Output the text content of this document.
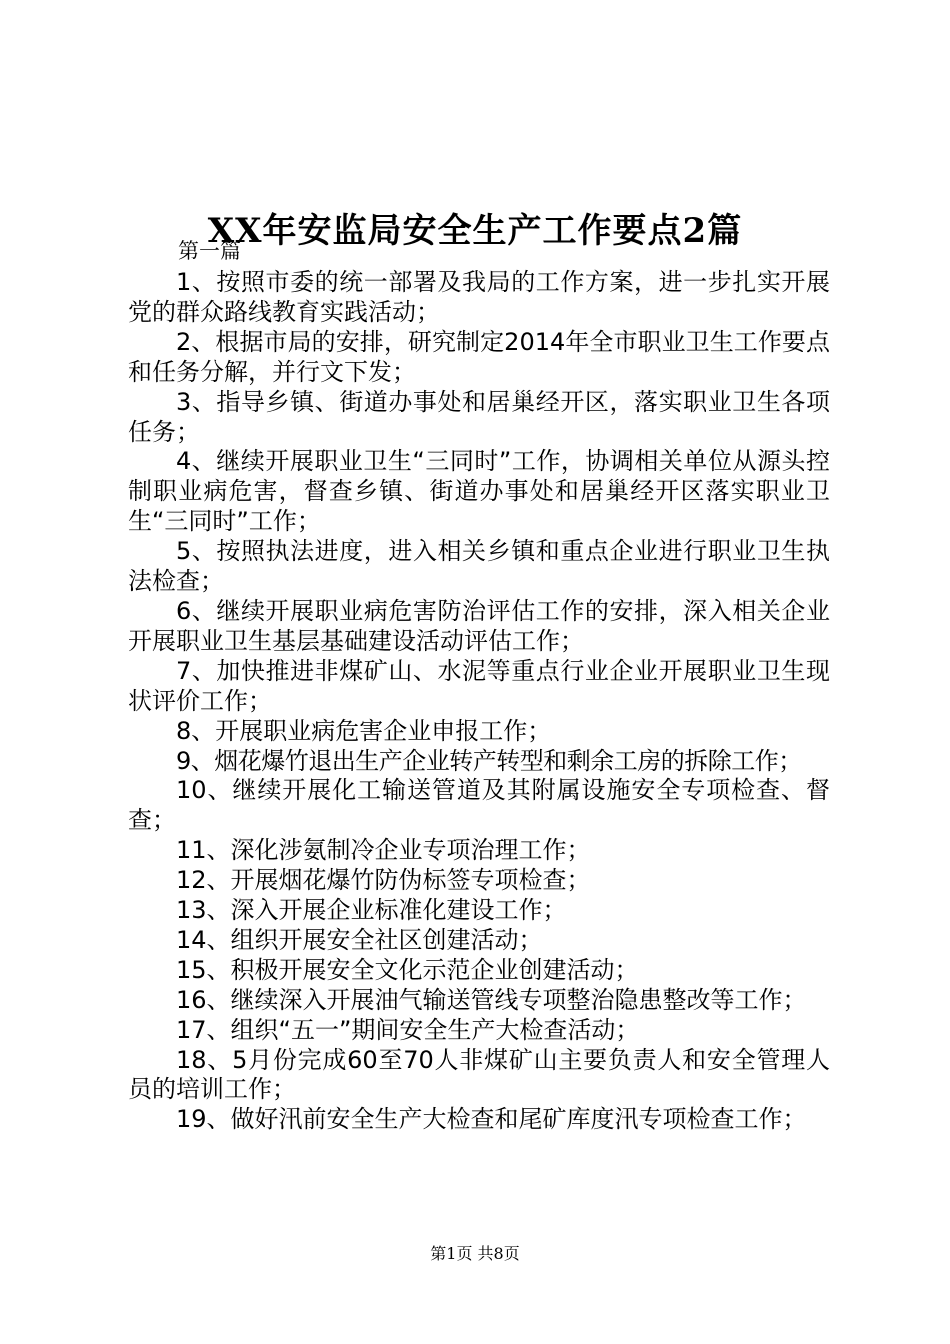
XX年安监局安全生产工作要点2篇
第一篇

1、按照市委的统一部署及我局的工作方案，进一步扎实开展党的群众路线教育实践活动；

2、根据市局的安排，研究制定2014年全市职业卫生工作要点和任务分解，并行文下发；

3、指导乡镇、街道办事处和居巢经开区，落实职业卫生各项任务；

4、继续开展职业卫生“三同时”工作，协调相关单位从源头控制职业病危害，督查乡镇、街道办事处和居巢经开区落实职业卫生“三同时”工作；

5、按照执法进度，进入相关乡镇和重点企业进行职业卫生执法检查；

6、继续开展职业病危害防治评估工作的安排，深入相关企业开展职业卫生基层基础建设活动评估工作；

7、加快推进非煤矿山、水泥等重点行业企业开展职业卫生现状评价工作；

8、开展职业病危害企业申报工作；

9、烟花爆竹退出生产企业转产转型和剩余工房的拆除工作；

10、继续开展化工输送管道及其附属设施安全专项检查、督查；

11、深化涉氨制冷企业专项治理工作；

12、开展烟花爆竹防伪标签专项检查；

13、深入开展企业标准化建设工作；

14、组织开展安全社区创建活动；

15、积极开展安全文化示范企业创建活动；

16、继续深入开展油气输送管线专项整治隐患整改等工作；

17、组织“五一”期间安全生产大检查活动；

18、5月份完成60至70人非煤矿山主要负责人和安全管理人员的培训工作；

19、做好汛前安全生产大检查和尾矿库度汛专项检查工作；

第1页 共8页
